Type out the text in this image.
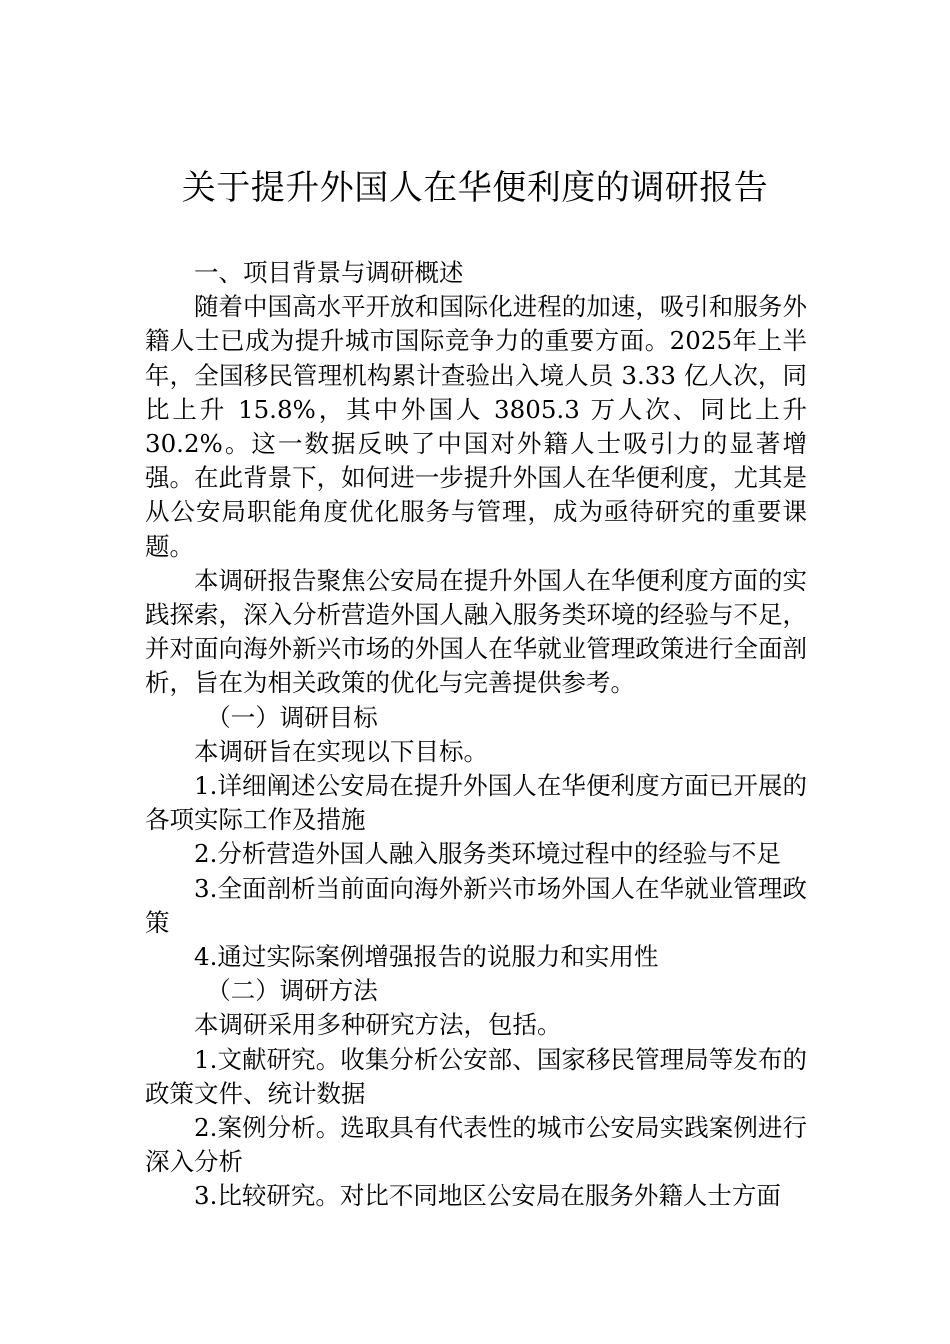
关于提升外国人在华便利度的调研报告

一、项目背景与调研概述

随着中国高水平开放和国际化进程的加速，吸引和服务外籍人士已成为提升城市国际竞争力的重要方面。2025年上半年，全国移民管理机构累计查验出入境人员 3.33 亿人次，同比上升 15.8%，其中外国人 3805.3 万人次、同比上升 30.2%。这一数据反映了中国对外籍人士吸引力的显著增强。在此背景下，如何进一步提升外国人在华便利度，尤其是从公安局职能角度优化服务与管理，成为亟待研究的重要课题。

本调研报告聚焦公安局在提升外国人在华便利度方面的实践探索，深入分析营造外国人融入服务类环境的经验与不足，并对面向海外新兴市场的外国人在华就业管理政策进行全面剖析，旨在为相关政策的优化与完善提供参考。

（一）调研目标

本调研旨在实现以下目标。

1.详细阐述公安局在提升外国人在华便利度方面已开展的各项实际工作及措施

2.分析营造外国人融入服务类环境过程中的经验与不足

3.全面剖析当前面向海外新兴市场外国人在华就业管理政策

4.通过实际案例增强报告的说服力和实用性

（二）调研方法

本调研采用多种研究方法，包括。

1.文献研究。收集分析公安部、国家移民管理局等发布的政策文件、统计数据

2.案例分析。选取具有代表性的城市公安局实践案例进行深入分析

3.比较研究。对比不同地区公安局在服务外籍人士方面
